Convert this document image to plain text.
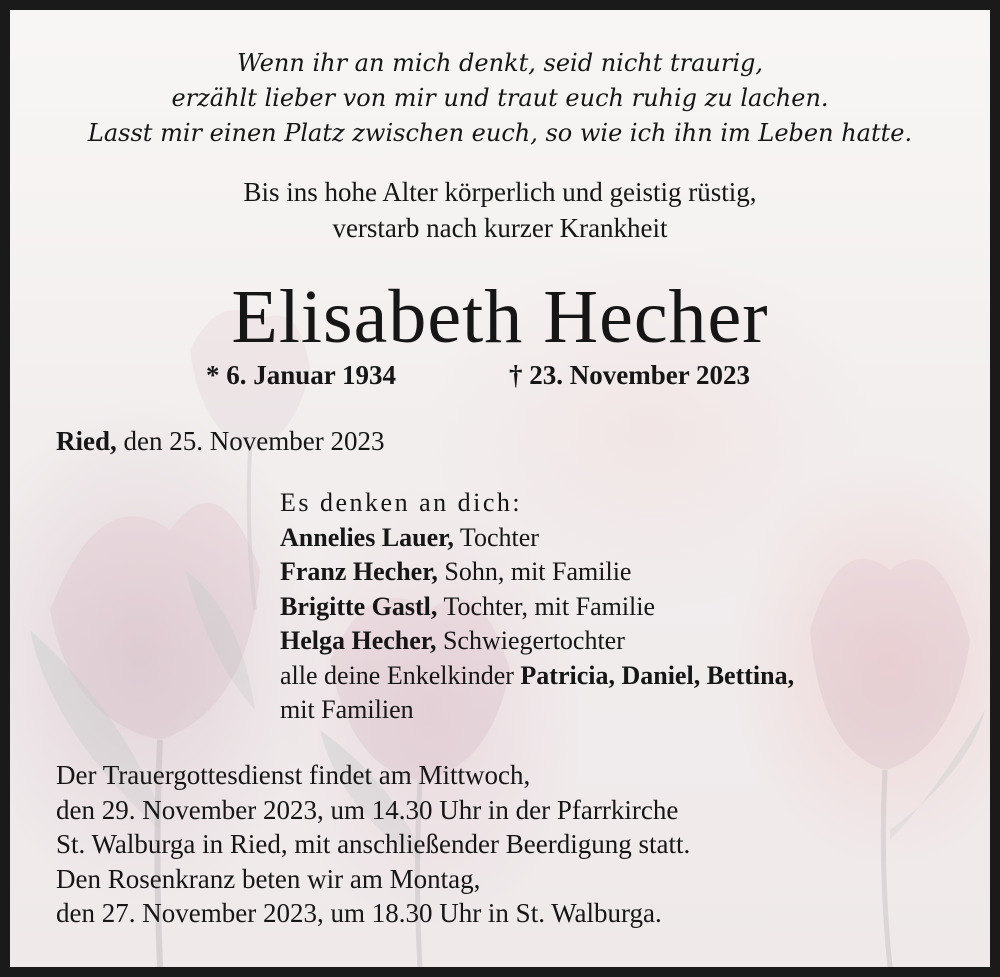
Wenn ihr an mich denkt, seid nicht traurig,
erzählt lieber von mir und traut euch ruhig zu lachen.
Lasst mir einen Platz zwischen euch, so wie ich ihn im Leben hatte.
Bis ins hohe Alter körperlich und geistig rüstig,
verstarb nach kurzer Krankheit
Elisabeth Hecher
* 6. Januar 1934	† 23. November 2023
Ried, den 25. November 2023
Es denken an dich:
Annelies Lauer, Tochter
Franz Hecher, Sohn, mit Familie
Brigitte Gastl, Tochter, mit Familie
Helga Hecher, Schwiegertochter
alle deine Enkelkinder Patricia, Daniel, Bettina,
mit Familien
Der Trauergottesdienst findet am Mittwoch,
den 29. November 2023, um 14.30 Uhr in der Pfarrkirche
St. Walburga in Ried, mit anschließender Beerdigung statt.
Den Rosenkranz beten wir am Montag,
den 27. November 2023, um 18.30 Uhr in St. Walburga.
